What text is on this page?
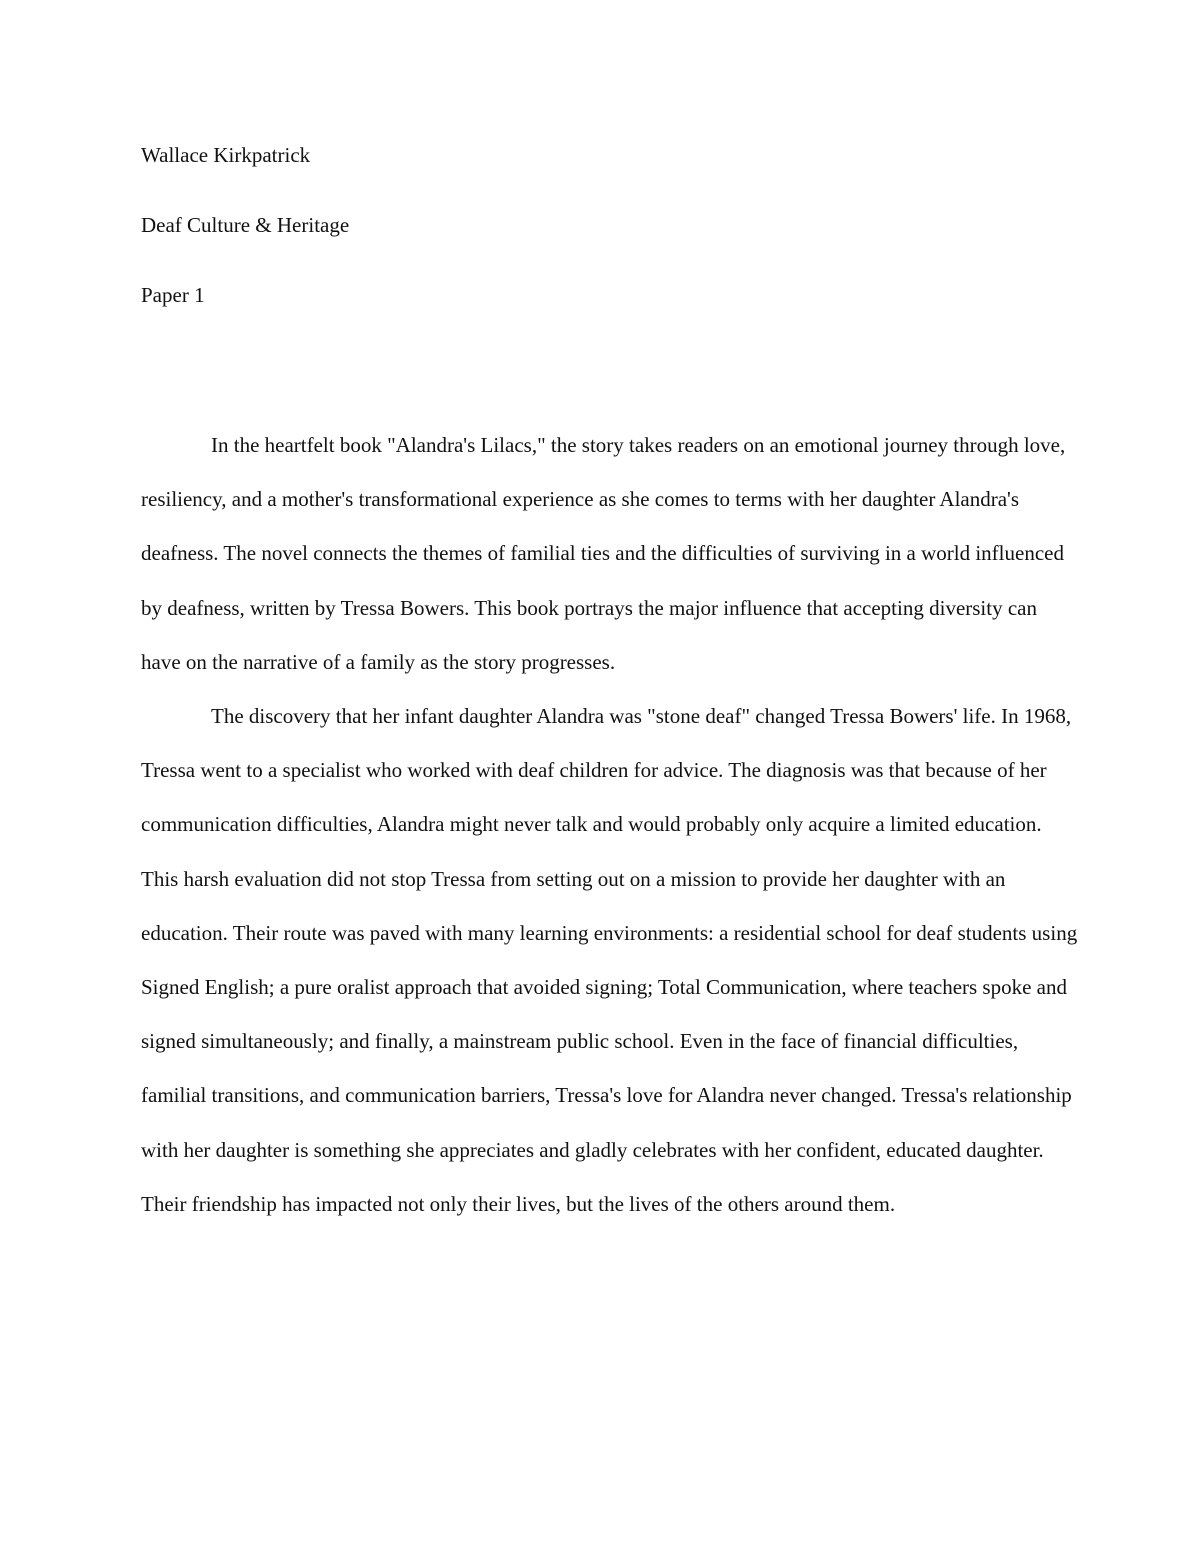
Wallace Kirkpatrick

Deaf Culture & Heritage

Paper 1

In the heartfelt book "Alandra's Lilacs," the story takes readers on an emotional journey through love, resiliency, and a mother's transformational experience as she comes to terms with her daughter Alandra's deafness. The novel connects the themes of familial ties and the difficulties of surviving in a world influenced by deafness, written by Tressa Bowers. This book portrays the major influence that accepting diversity can have on the narrative of a family as the story progresses.

The discovery that her infant daughter Alandra was "stone deaf" changed Tressa Bowers' life. In 1968, Tressa went to a specialist who worked with deaf children for advice. The diagnosis was that because of her communication difficulties, Alandra might never talk and would probably only acquire a limited education. This harsh evaluation did not stop Tressa from setting out on a mission to provide her daughter with an education. Their route was paved with many learning environments: a residential school for deaf students using Signed English; a pure oralist approach that avoided signing; Total Communication, where teachers spoke and signed simultaneously; and finally, a mainstream public school. Even in the face of financial difficulties, familial transitions, and communication barriers, Tressa's love for Alandra never changed. Tressa's relationship with her daughter is something she appreciates and gladly celebrates with her confident, educated daughter. Their friendship has impacted not only their lives, but the lives of the others around them.
